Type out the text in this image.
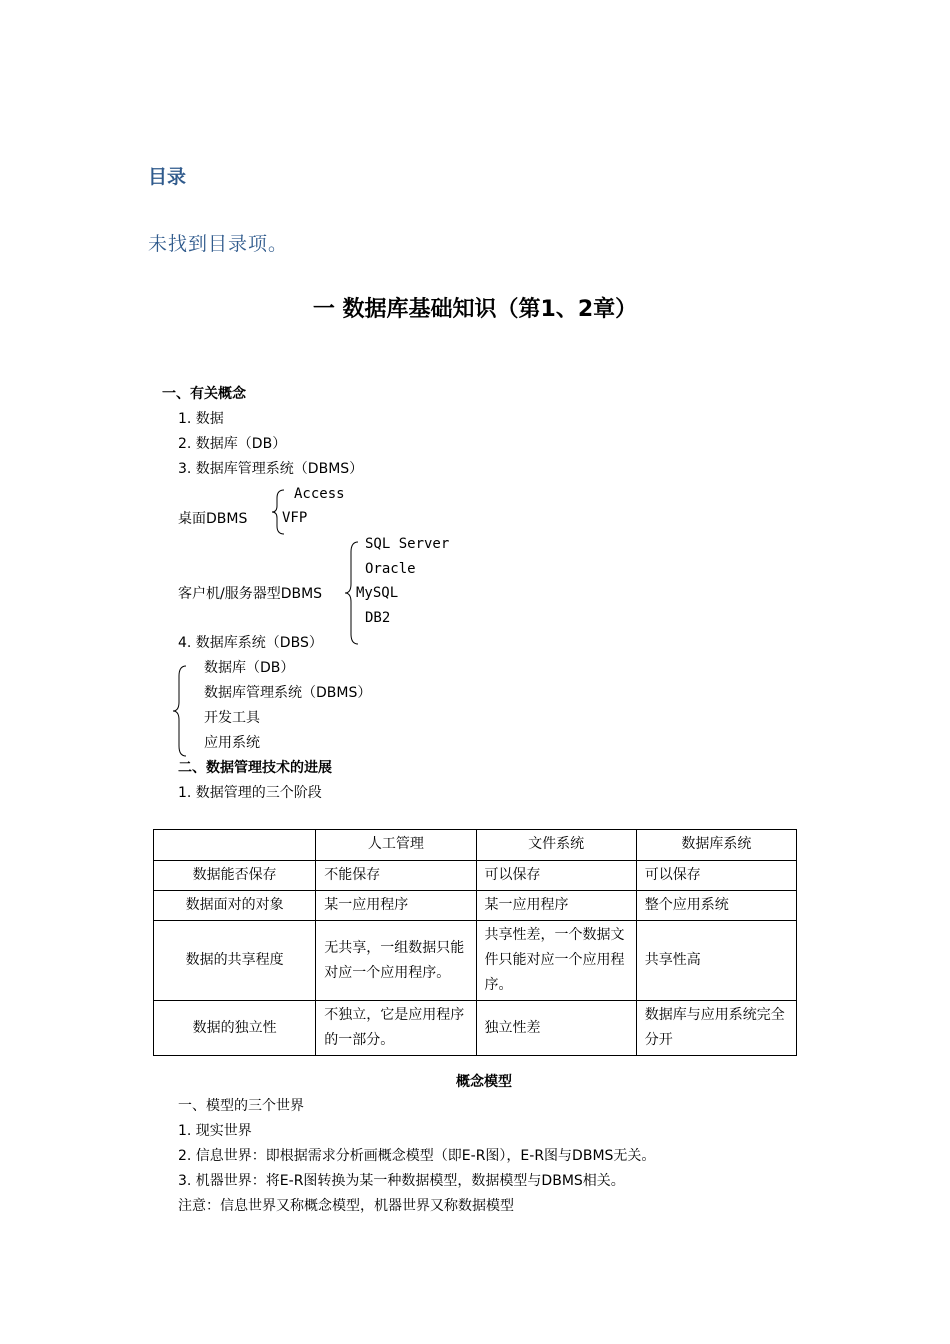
目录
未找到目录项。
一 数据库基础知识（第1、2章）
一、有关概念
1. 数据
2. 数据库（DB）
3. 数据库管理系统（DBMS）
Access
桌面DBMS VFP
SQL Server
Oracle
客户机/服务器型DBMS MySQL
DB2
4. 数据库系统（DBS）
数据库（DB）
数据库管理系统（DBMS）
开发工具
应用系统
二、数据管理技术的进展
1. 数据管理的三个阶段
	人工管理	文件系统	数据库系统
数据能否保存	不能保存	可以保存	可以保存
数据面对的对象	某一应用程序	某一应用程序	整个应用系统
数据的共享程度	无共享，一组数据只能对应一个应用程序。	共享性差，一个数据文件只能对应一个应用程序。	共享性高
数据的独立性	不独立，它是应用程序的一部分。	独立性差	数据库与应用系统完全分开
概念模型
一、模型的三个世界
1. 现实世界
2. 信息世界：即根据需求分析画概念模型（即E-R图），E-R图与DBMS无关。
3. 机器世界：将E-R图转换为某一种数据模型，数据模型与DBMS相关。
注意：信息世界又称概念模型，机器世界又称数据模型
